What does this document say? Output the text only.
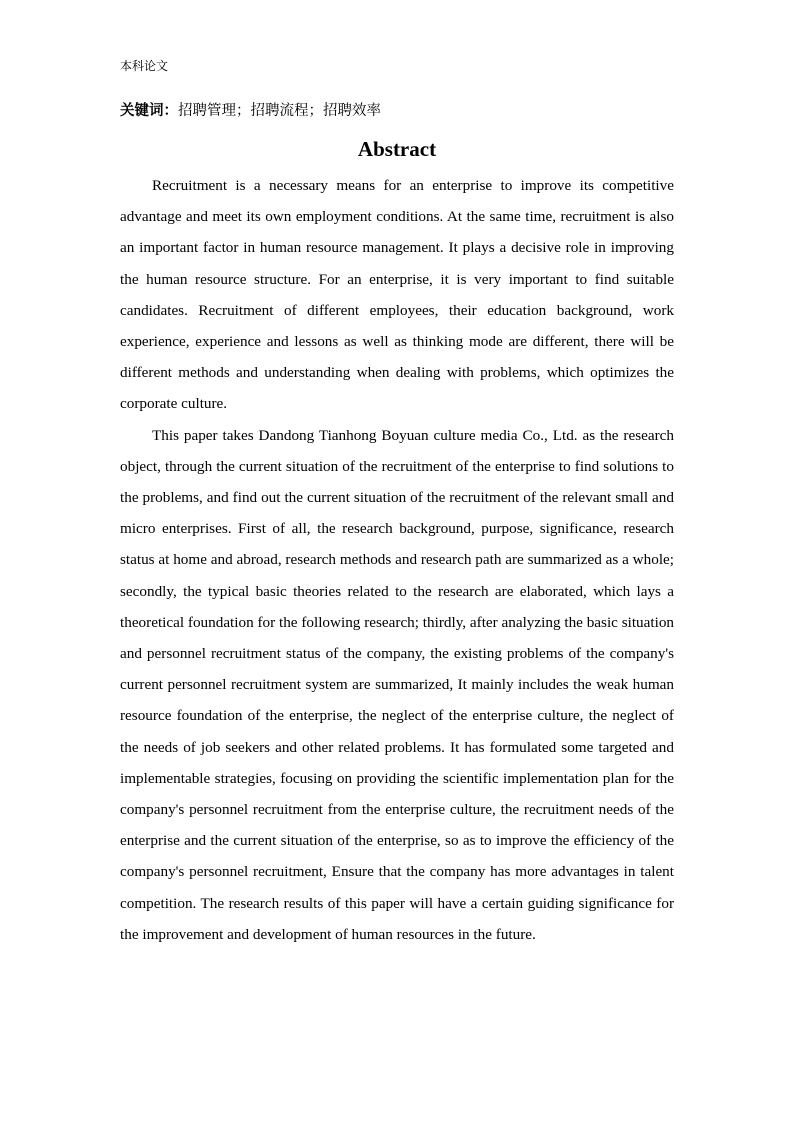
本科论文
关键词：招聘管理；招聘流程；招聘效率
Abstract

Recruitment is a necessary means for an enterprise to improve its competitive advantage and meet its own employment conditions. At the same time, recruitment is also an important factor in human resource management. It plays a decisive role in improving the human resource structure. For an enterprise, it is very important to find suitable candidates. Recruitment of different employees, their education background, work experience, experience and lessons as well as thinking mode are different, there will be different methods and understanding when dealing with problems, which optimizes the corporate culture.

This paper takes Dandong Tianhong Boyuan culture media Co., Ltd. as the research object, through the current situation of the recruitment of the enterprise to find solutions to the problems, and find out the current situation of the recruitment of the relevant small and micro enterprises. First of all, the research background, purpose, significance, research status at home and abroad, research methods and research path are summarized as a whole; secondly, the typical basic theories related to the research are elaborated, which lays a theoretical foundation for the following research; thirdly, after analyzing the basic situation and personnel recruitment status of the company, the existing problems of the company's current personnel recruitment system are summarized, It mainly includes the weak human resource foundation of the enterprise, the neglect of the enterprise culture, the neglect of the needs of job seekers and other related problems. It has formulated some targeted and implementable strategies, focusing on providing the scientific implementation plan for the company's personnel recruitment from the enterprise culture, the recruitment needs of the enterprise and the current situation of the enterprise, so as to improve the efficiency of the company's personnel recruitment, Ensure that the company has more advantages in talent competition. The research results of this paper will have a certain guiding significance for the improvement and development of human resources in the future.
